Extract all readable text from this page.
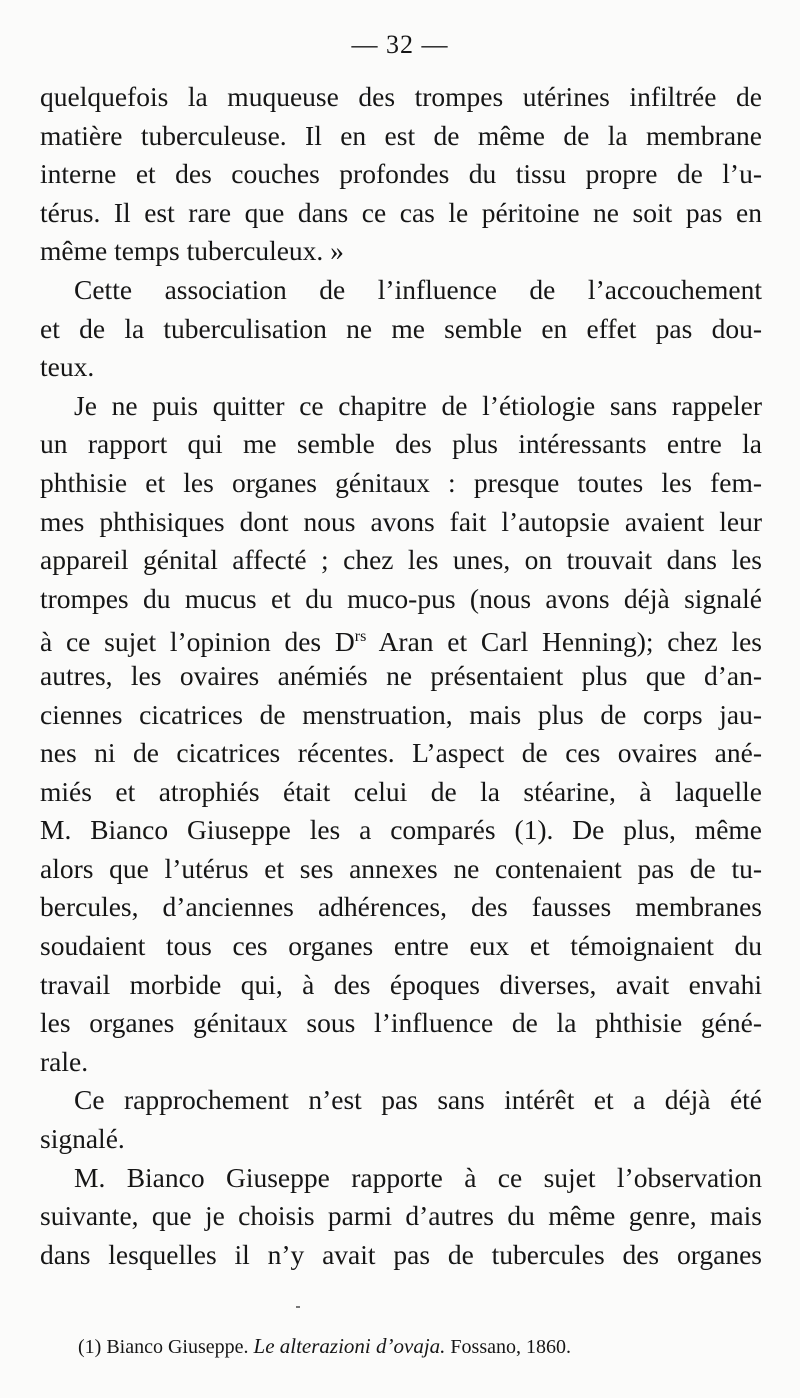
— 32 —
quelquefois la muqueuse des trompes utérines infiltrée de
matière tuberculeuse. Il en est de même de la membrane
interne et des couches profondes du tissu propre de l’u-
térus. Il est rare que dans ce cas le péritoine ne soit pas en
même temps tuberculeux. »
Cette association de l’influence de l’accouchement
et de la tuberculisation ne me semble en effet pas dou-
teux.
Je ne puis quitter ce chapitre de l’étiologie sans rappeler
un rapport qui me semble des plus intéressants entre la
phthisie et les organes génitaux : presque toutes les fem-
mes phthisiques dont nous avons fait l’autopsie avaient leur
appareil génital affecté ; chez les unes, on trouvait dans les
trompes du mucus et du muco-pus (nous avons déjà signalé
à ce sujet l’opinion des $D^{rs}$ Aran et Carl Henning); chez les
autres, les ovaires anémiés ne présentaient plus que d’an-
ciennes cicatrices de menstruation, mais plus de corps jau-
nes ni de cicatrices récentes. L’aspect de ces ovaires ané-
miés et atrophiés était celui de la stéarine, à laquelle
M. Bianco Giuseppe les a comparés (1). De plus, même
alors que l’utérus et ses annexes ne contenaient pas de tu-
bercules, d’anciennes adhérences, des fausses membranes
soudaient tous ces organes entre eux et témoignaient du
travail morbide qui, à des époques diverses, avait envahi
les organes génitaux sous l’influence de la phthisie géné-
rale.
Ce rapprochement n’est pas sans intérêt et a déjà été
signalé.
M. Bianco Giuseppe rapporte à ce sujet l’observation
suivante, que je choisis parmi d’autres du même genre, mais
dans lesquelles il n’y avait pas de tubercules des organes
(1) Bianco Giuseppe. Le alterazioni d’ovaja. Fossano, 1860.
